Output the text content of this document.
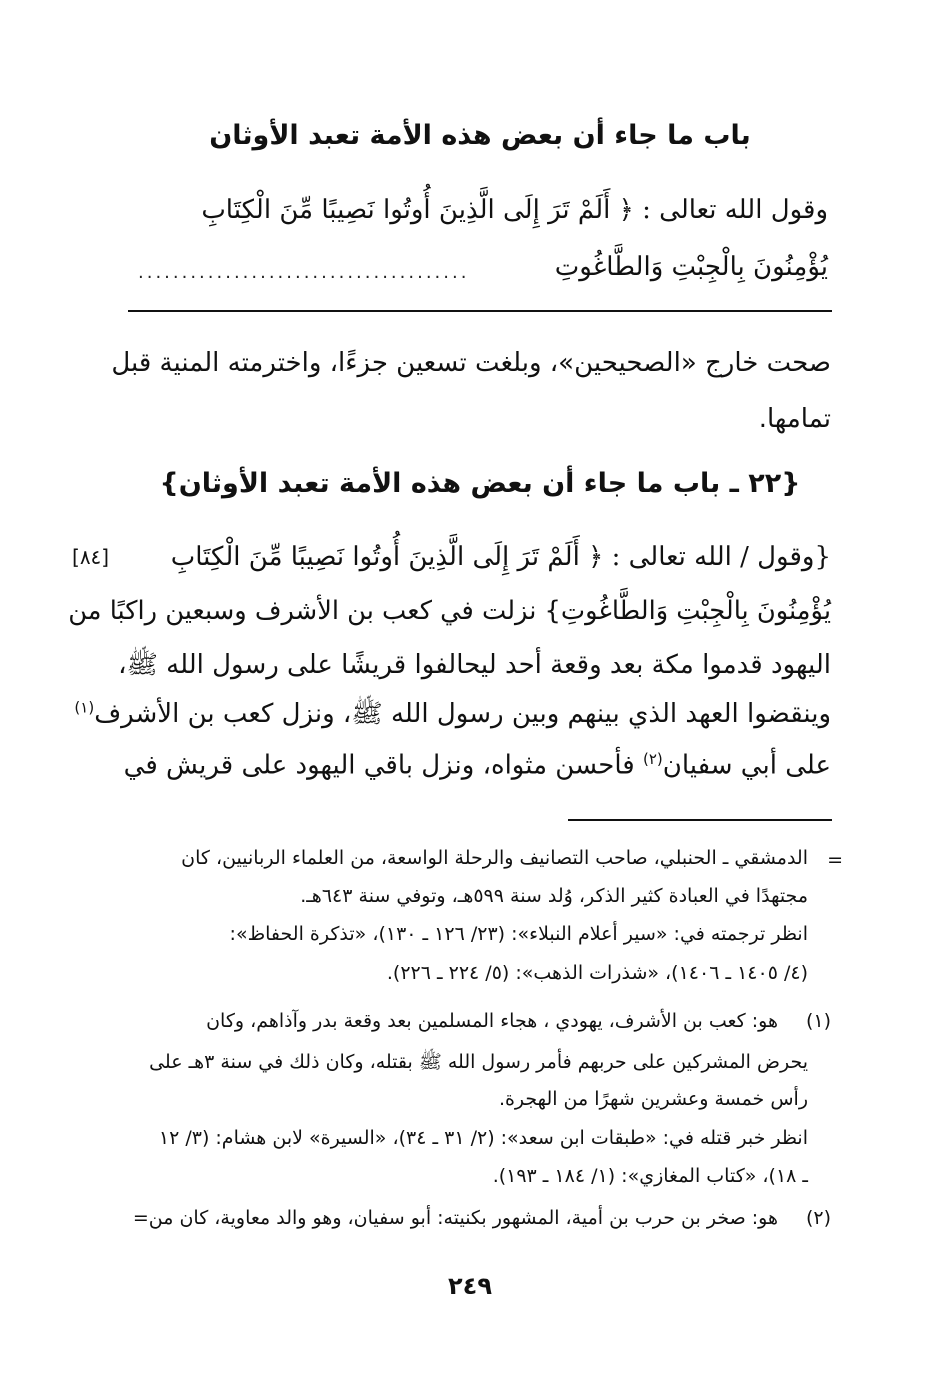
باب ما جاء أن بعض هذه الأمة تعبد الأوثان
وقول الله تعالى : ﴿ أَلَمْ تَرَ إِلَى الَّذِينَ أُوتُوا نَصِيبًا مِّنَ الْكِتَابِ
يُؤْمِنُونَ بِالْجِبْتِ وَالطَّاغُوتِ
......................................
صحت خارج «الصحيحين»، وبلغت تسعين جزءًا، واخترمته المنية قبل
تمامها.
{٢٢ ـ باب ما جاء أن بعض هذه الأمة تعبد الأوثان}
[٨٤] {وقول / الله تعالى : ﴿ أَلَمْ تَرَ إِلَى الَّذِينَ أُوتُوا نَصِيبًا مِّنَ الْكِتَابِ
يُؤْمِنُونَ بِالْجِبْتِ وَالطَّاغُوتِ} نزلت في كعب بن الأشرف وسبعين راكبًا من
اليهود قدموا مكة بعد وقعة أحد ليحالفوا قريشًا على رسول الله ﷺ،
وينقضوا العهد الذي بينهم وبين رسول الله ﷺ، ونزل كعب بن الأشرف$^{(١)}$
على أبي سفيان$^{(٢)}$ فأحسن مثواه، ونزل باقي اليهود على قريش في
=
الدمشقي ـ الحنبلي، صاحب التصانيف والرحلة الواسعة، من العلماء الربانيين، كان
مجتهدًا في العبادة كثير الذكر، وُلد سنة ٥٩٩هـ، وتوفي سنة ٦٤٣هـ.
انظر ترجمته في: «سير أعلام النبلاء»: (٢٣/ ١٢٦ ـ ١٣٠)، «تذكرة الحفاظ»:
(٤/ ١٤٠٥ ـ ١٤٠٦)، «شذرات الذهب»: (٥/ ٢٢٤ ـ ٢٢٦).
(١)
هو: كعب بن الأشرف، يهودي ، هجاء المسلمين بعد وقعة بدر وآذاهم، وكان
يحرض المشركين على حربهم فأمر رسول الله ﷺ بقتله، وكان ذلك في سنة ٣هـ على
رأس خمسة وعشرين شهرًا من الهجرة.
انظر خبر قتله في: «طبقات ابن سعد»: (٢/ ٣١ ـ ٣٤)، «السيرة» لابن هشام: (٣/ ١٢
ـ ١٨)، «كتاب المغازي»: (١/ ١٨٤ ـ ١٩٣).
(٢)
هو: صخر بن حرب بن أمية، المشهور بكنيته: أبو سفيان، وهو والد معاوية، كان من=
٢٤٩
